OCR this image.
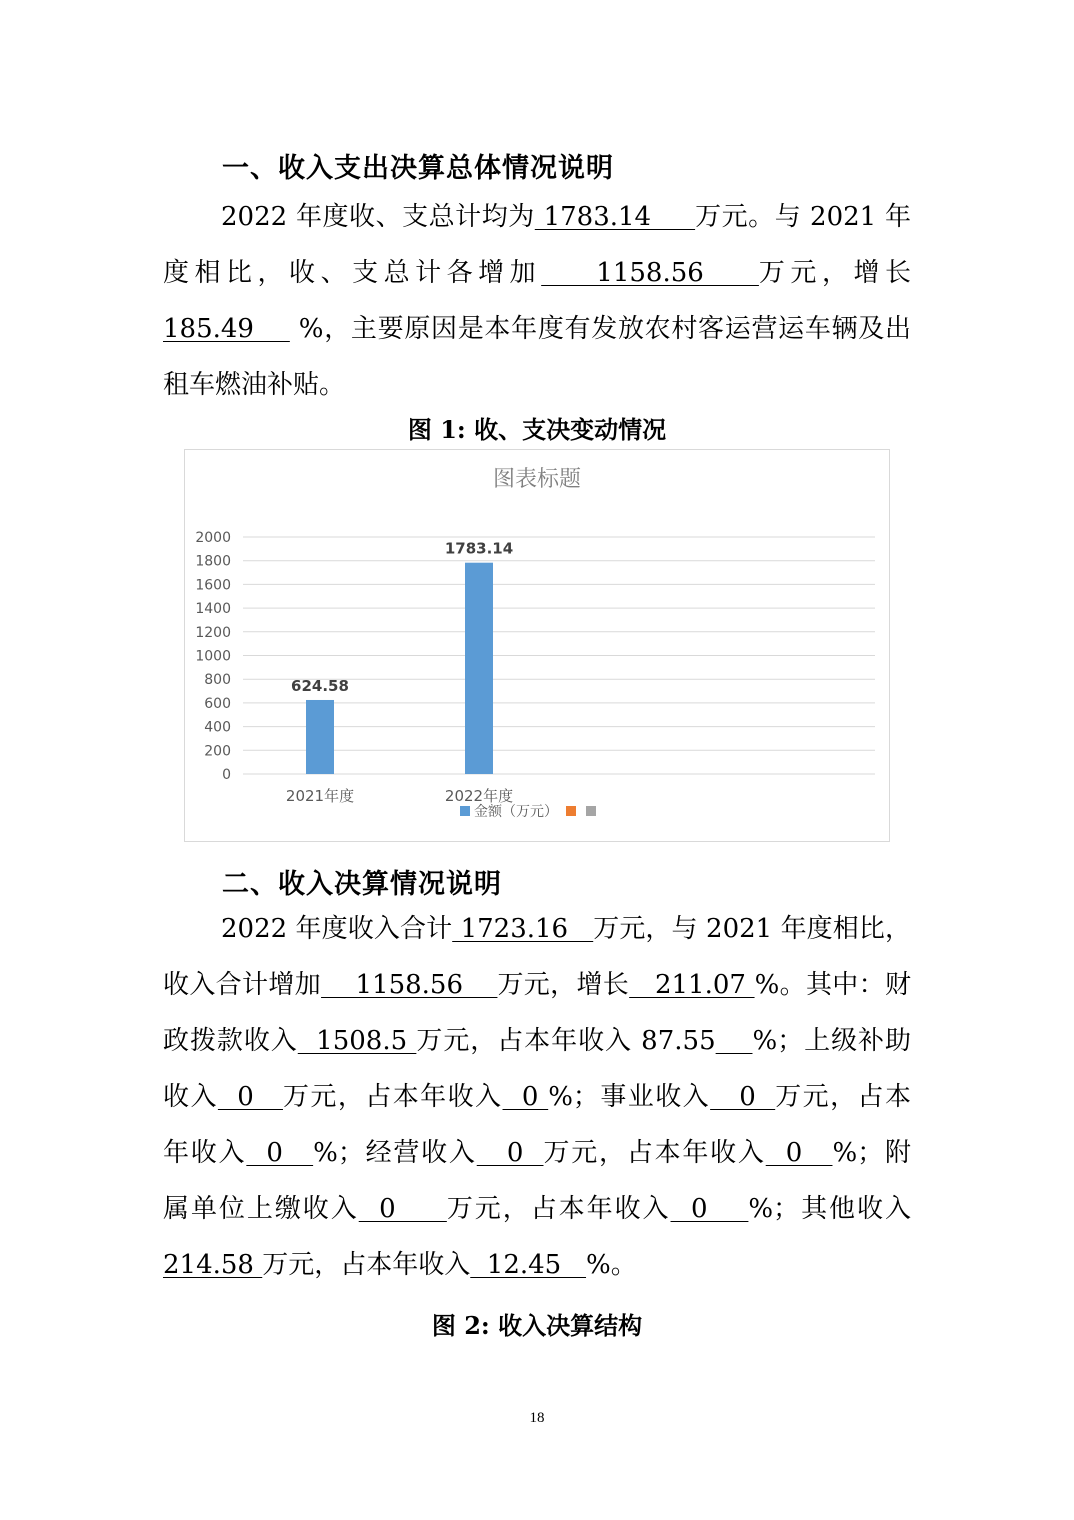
一、收入支出决算总体情况说明
2022 年度收、支总计均为 1783.14     万元。与 2021 年
度相比，收、支总计各增加    1158.56    万元，增长
185.49     %，主要原因是本年度有发放农村客运营运车辆及出
租车燃油补贴。
图 1: 收、支决变动情况
图表标题
0
200
400
600
800
1000
1200
1400
1600
1800
2000
624.58
1783.14
2021年度	2022年度
金额（万元）
二、收入决算情况说明
2022 年度收入合计 1723.16   万元，与 2021 年度相比，
收入合计增加    1158.56    万元，增长   211.07 %。其中：财
政拨款收入  1508.5 万元，占本年收入 87.55 %；上级补助
收入  0   万元，占本年收入  0 %；事业收入   0  万元，占本
年收入  0   %；经营收入   0  万元，占本年收入  0   %；附
属单位上缴收入  0     万元，占本年收入  0    %；其他收入
214.58 万元，占本年收入  12.45   %。
图 2: 收入决算结构
18
